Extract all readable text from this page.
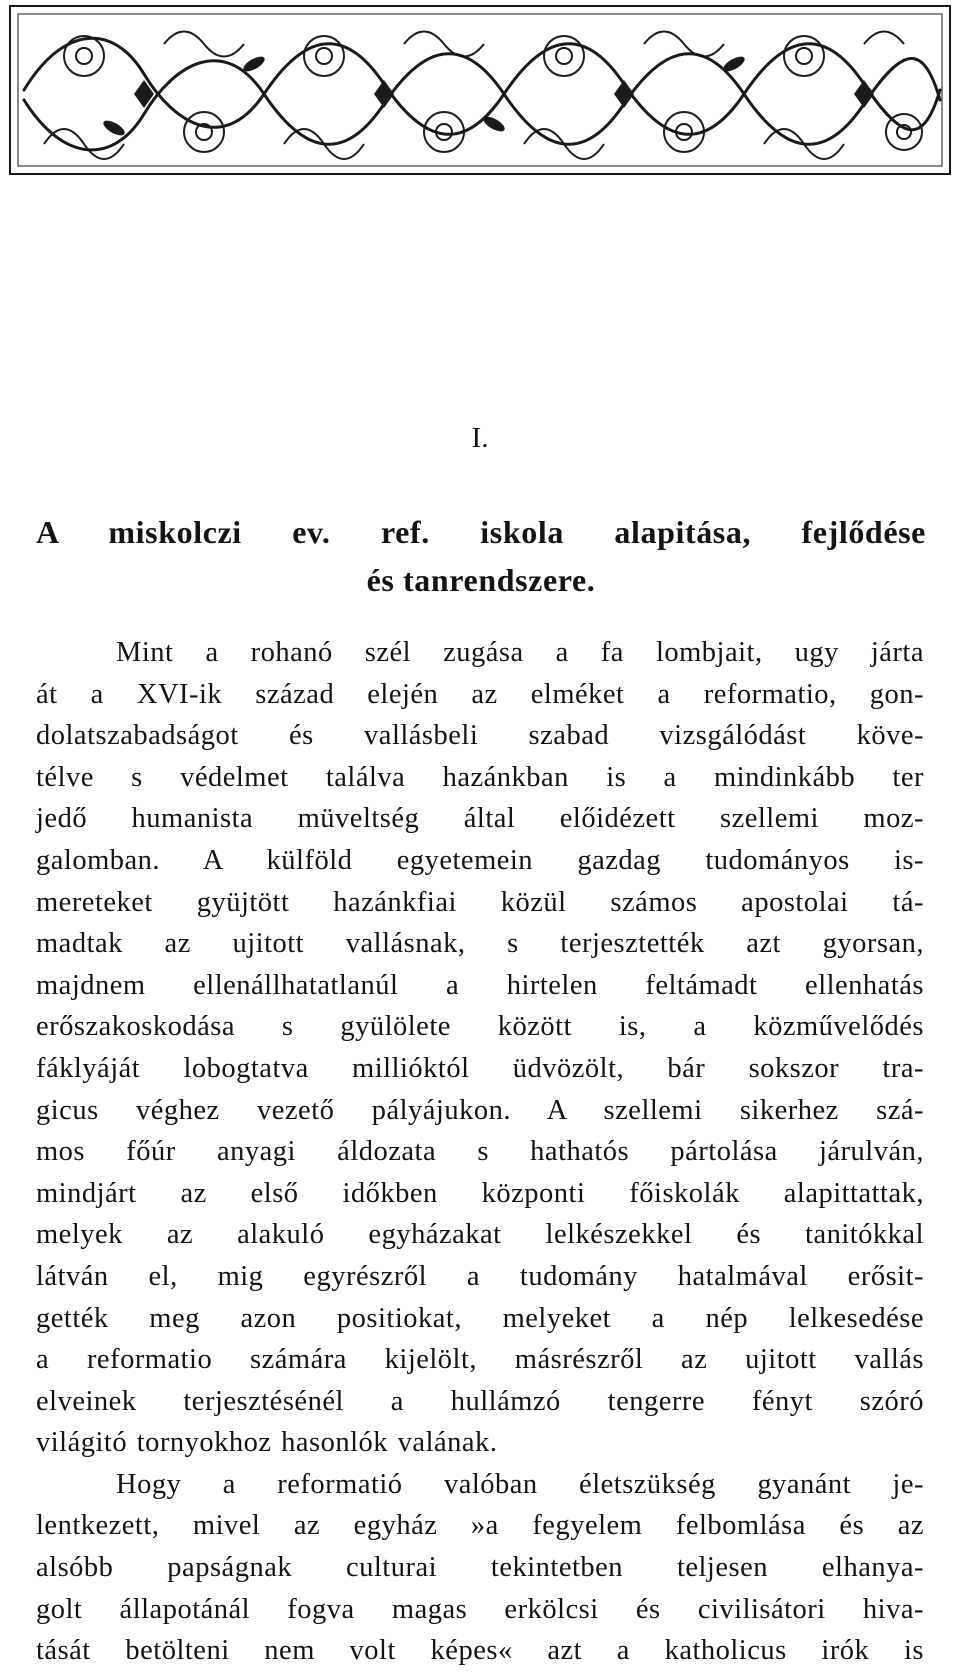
I.
A miskolczi ev. ref. iskola alapitása, fejlődése
és tanrendszere.
Mint a rohanó szél zugása a fa lombjait, ugy járta
át a XVI-ik század elején az elméket a reformatio, gon-
dolatszabadságot és vallásbeli szabad vizsgálódást köve-
télve s védelmet találva hazánkban is a mindinkább ter
jedő humanista müveltség által előidézett szellemi moz-
galomban. A külföld egyetemein gazdag tudományos is-
mereteket gyüjtött hazánkfiai közül számos apostolai tá-
madtak az ujitott vallásnak, s terjesztették azt gyorsan,
majdnem ellenállhatatlanúl a hirtelen feltámadt ellenhatás
erőszakoskodása s gyülölete között is, a közművelődés
fáklyáját lobogtatva millióktól üdvözölt, bár sokszor tra-
gicus véghez vezető pályájukon. A szellemi sikerhez szá-
mos főúr anyagi áldozata s hathatós pártolása járulván,
mindjárt az első időkben központi főiskolák alapittattak,
melyek az alakuló egyházakat lelkészekkel és tanitókkal
látván el, mig egyrészről a tudomány hatalmával erősit-
gették meg azon positiokat, melyeket a nép lelkesedése
a reformatio számára kijelölt, másrészről az ujitott vallás
elveinek terjesztésénél a hullámzó tengerre fényt szóró
világitó tornyokhoz hasonlók valának.
Hogy a reformatió valóban életszükség gyanánt je-
lentkezett, mivel az egyház »a fegyelem felbomlása és az
alsóbb papságnak culturai tekintetben teljesen elhanya-
golt állapotánál fogva magas erkölcsi és civilisátori hiva-
tását betölteni nem volt képes« azt a katholicus irók is
